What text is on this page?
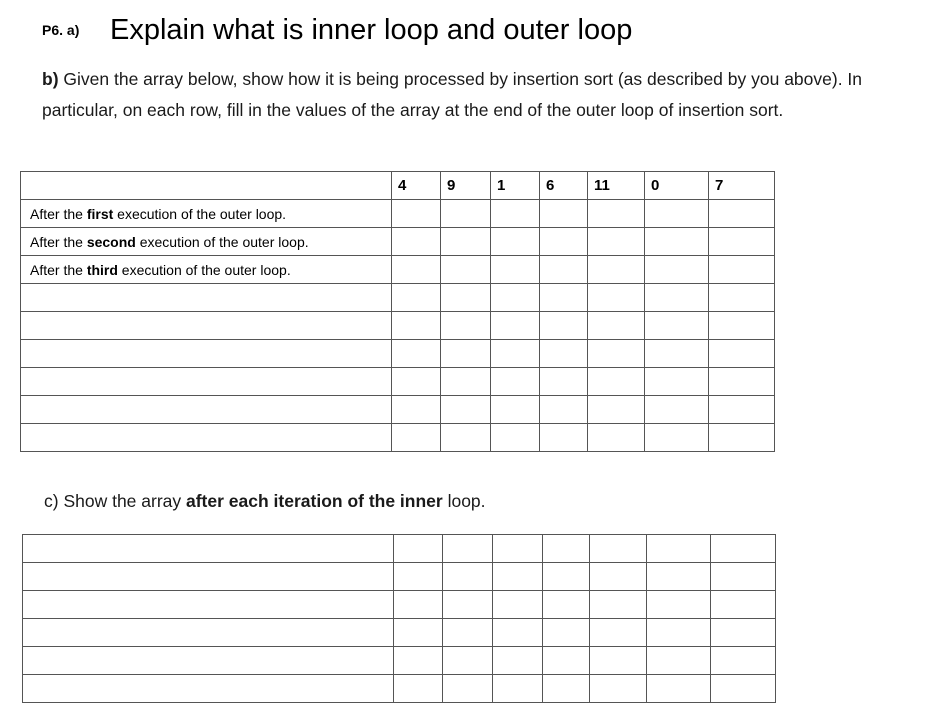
P6. a) Explain what is inner loop and outer loop
b) Given the array below, show how it is being processed by insertion sort (as described by you above). In particular, on each row, fill in the values of the array at the end of the outer loop of insertion sort.
	4	9	1	6	11	0	7
After the first execution of the outer loop.							
After the second execution of the outer loop.							
After the third execution of the outer loop.							

c) Show the array after each iteration of the inner loop.
